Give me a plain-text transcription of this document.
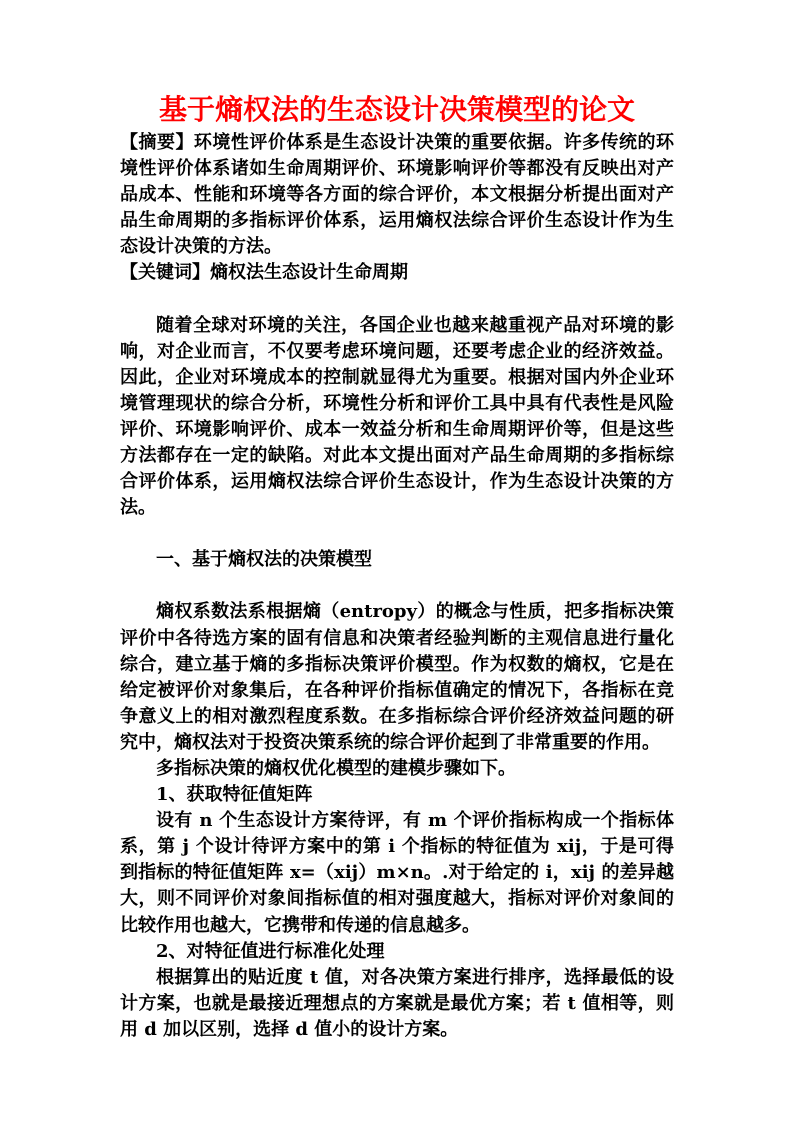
基于熵权法的生态设计决策模型的论文

【摘要】环境性评价体系是生态设计决策的重要依据。许多传统的环境性评价体系诸如生命周期评价、环境影响评价等都没有反映出对产品成本、性能和环境等各方面的综合评价，本文根据分析提出面对产品生命周期的多指标评价体系，运用熵权法综合评价生态设计作为生态设计决策的方法。

【关键词】熵权法生态设计生命周期

随着全球对环境的关注，各国企业也越来越重视产品对环境的影响，对企业而言，不仅要考虑环境问题，还要考虑企业的经济效益。因此，企业对环境成本的控制就显得尤为重要。根据对国内外企业环境管理现状的综合分析，环境性分析和评价工具中具有代表性是风险评价、环境影响评价、成本一效益分析和生命周期评价等，但是这些方法都存在一定的缺陷。对此本文提出面对产品生命周期的多指标综合评价体系，运用熵权法综合评价生态设计，作为生态设计决策的方法。

一、基于熵权法的决策模型

熵权系数法系根据熵（entropy）的概念与性质，把多指标决策评价中各待选方案的固有信息和决策者经验判断的主观信息进行量化综合，建立基于熵的多指标决策评价模型。作为权数的熵权，它是在给定被评价对象集后，在各种评价指标值确定的情况下，各指标在竞争意义上的相对激烈程度系数。在多指标综合评价经济效益问题的研究中，熵权法对于投资决策系统的综合评价起到了非常重要的作用。

多指标决策的熵权优化模型的建模步骤如下。

1、获取特征值矩阵

设有 n 个生态设计方案待评，有 m 个评价指标构成一个指标体系，第 j 个设计待评方案中的第 i 个指标的特征值为 xij，于是可得到指标的特征值矩阵 x=（xij）m×n。.对于给定的 i，xij 的差异越大，则不同评价对象间指标值的相对强度越大，指标对评价对象间的比较作用也越大，它携带和传递的信息越多。

2、对特征值进行标准化处理

根据算出的贴近度 t 值，对各决策方案进行排序，选择最低的设计方案，也就是最接近理想点的方案就是最优方案；若 t 值相等，则用 d 加以区别，选择 d 值小的设计方案。
